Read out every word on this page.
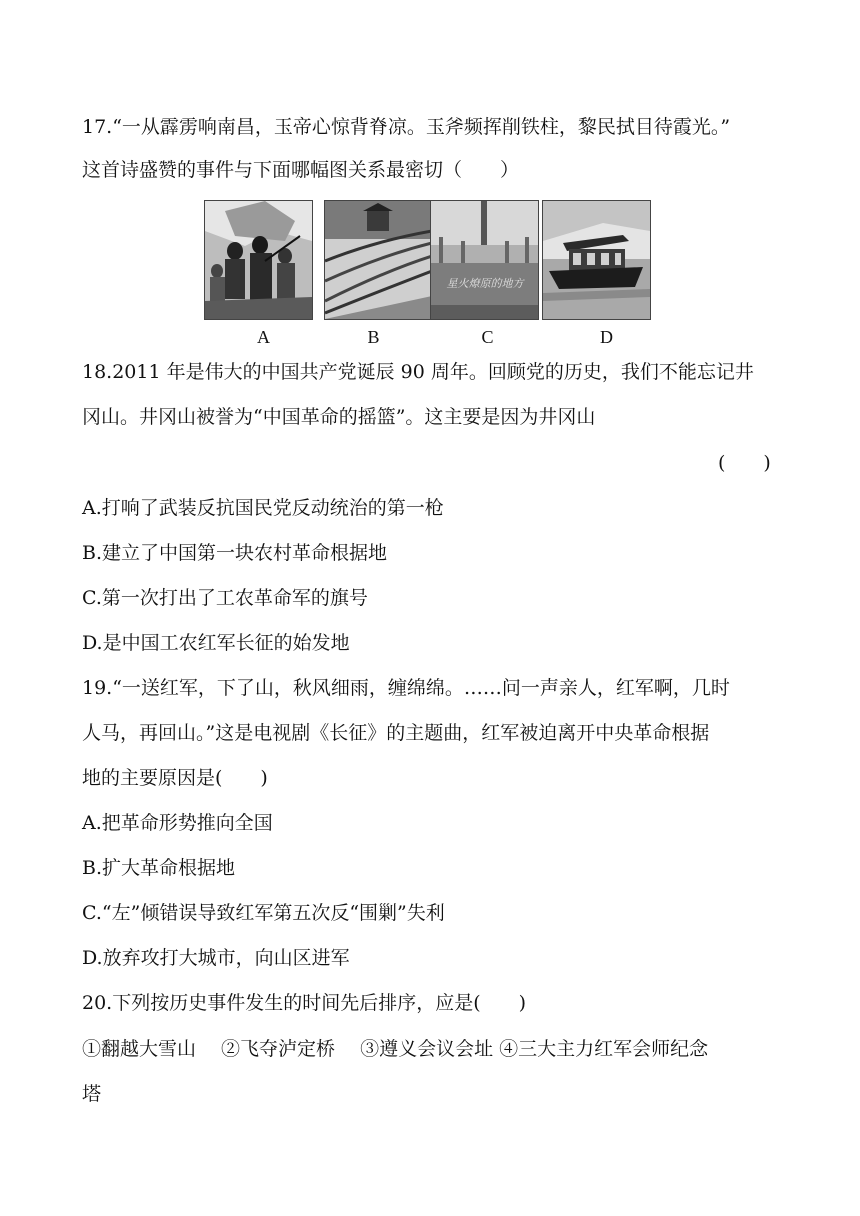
17.“一从霹雳响南昌，玉帝心惊背脊凉。玉斧频挥削铁柱，黎民拭目待霞光。”

这首诗盛赞的事件与下面哪幅图关系最密切（　　）

星火燎原的地方
A	B	C	D

18.2011 年是伟大的中国共产党诞辰 90 周年。回顾党的历史，我们不能忘记井

冈山。井冈山被誉为“中国革命的摇篮”。这主要是因为井冈山

(　　)

A.打响了武装反抗国民党反动统治的第一枪

B.建立了中国第一块农村革命根据地

C.第一次打出了工农革命军的旗号

D.是中国工农红军长征的始发地

19.“一送红军，下了山，秋风细雨，缠绵绵。……问一声亲人，红军啊，几时

人马，再回山。”这是电视剧《长征》的主题曲，红军被迫离开中央革命根据

地的主要原因是(　　)

A.把革命形势推向全国

B.扩大革命根据地

C.“左”倾错误导致红军第五次反“围剿”失利

D.放弃攻打大城市，向山区进军

20.下列按历史事件发生的时间先后排序，应是(　　)

①翻越大雪山　 ②飞夺泸定桥 　③遵义会议会址 ④三大主力红军会师纪念

塔
